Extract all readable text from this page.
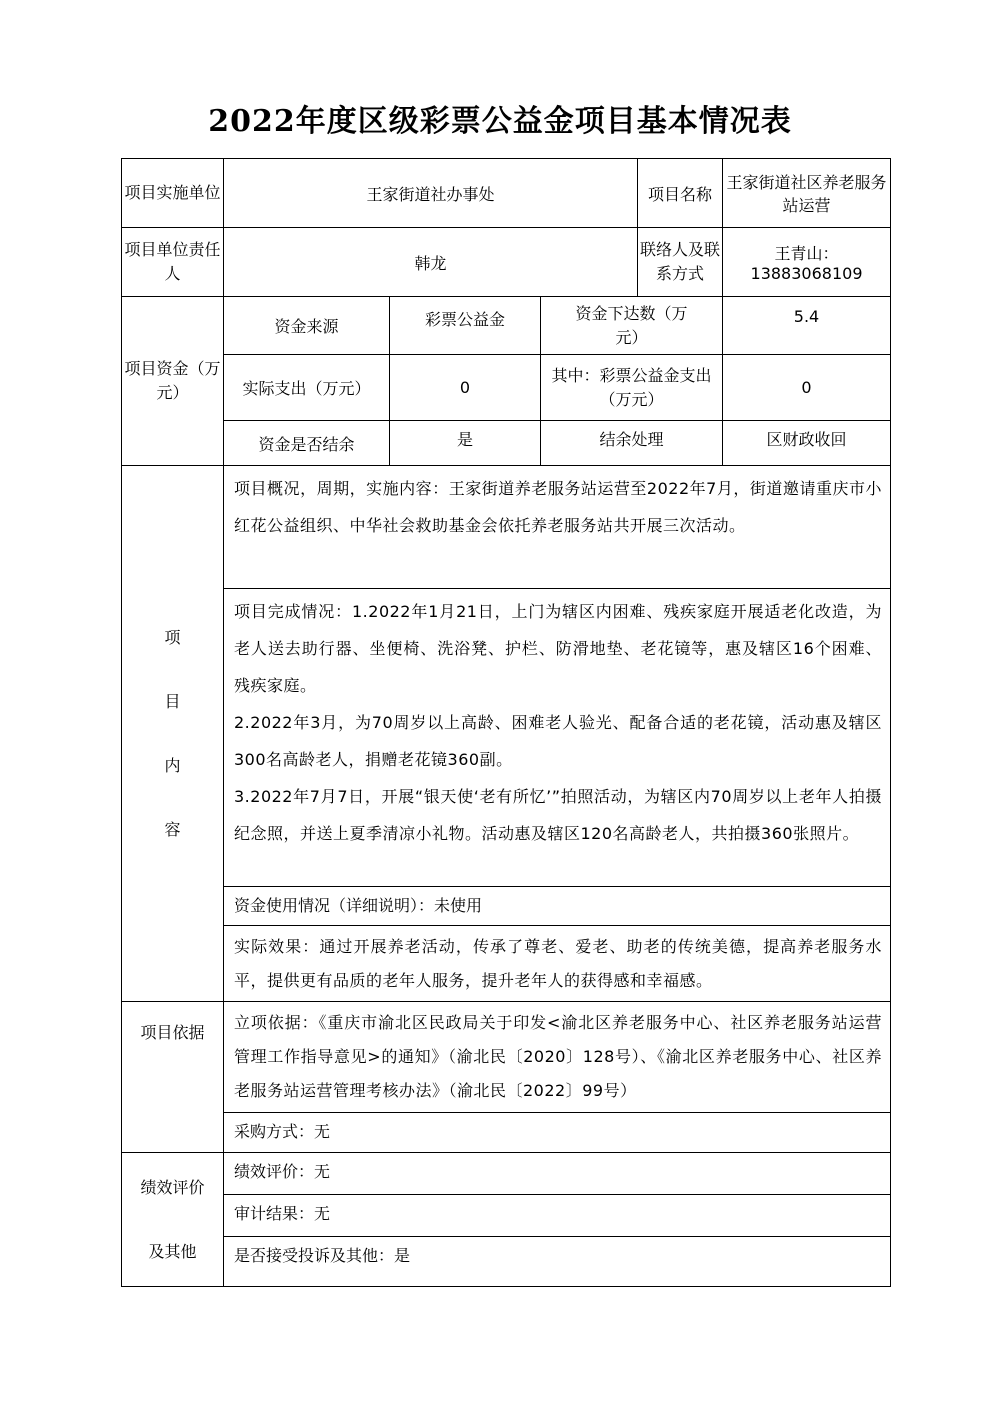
2022年度区级彩票公益金项目基本情况表
项目实施单位	王家街道社办事处			项目名称	王家街道社区养老服务站运营
项目单位责任人	韩龙			联络人及联系方式	王青山：13883068109
项目资金（万元）	资金来源	彩票公益金	资金下达数（万元）		5.4
	实际支出（万元）	0	其中：彩票公益金支出（万元）		0
	资金是否结余	是	结余处理		区财政收回

项
目
内
容	项目概况，周期，实施内容：王家街道养老服务站运营至2022年7月，街道邀请重庆市小红花公益组织、中华社会救助基金会依托养老服务站共开展三次活动。				

	项目完成情况：1.2022年1月21日，上门为辖区内困难、残疾家庭开展适老化改造，为老人送去助行器、坐便椅、洗浴凳、护栏、防滑地垫、老花镜等，惠及辖区16个困难、残疾家庭。

2.2022年3月，为70周岁以上高龄、困难老人验光、配备合适的老花镜，活动惠及辖区300名高龄老人，捐赠老花镜360副。

3.2022年7月7日，开展“银天使‘老有所忆’”拍照活动，为辖区内70周岁以上老年人拍摄纪念照，并送上夏季清凉小礼物。活动惠及辖区120名高龄老人，共拍摄360张照片。				

	资金使用情况（详细说明）：未使用				

	实际效果：通过开展养老活动，传承了尊老、爱老、助老的传统美德，提高养老服务水平，提供更有品质的老年人服务，提升老年人的获得感和幸福感。				

项目依据	立项依据：《重庆市渝北区民政局关于印发<渝北区养老服务中心、社区养老服务站运营管理工作指导意见>的通知》（渝北民〔2020〕128号）、《渝北区养老服务中心、社区养老服务站运营管理考核办法》（渝北民〔2022〕99号）				

	采购方式：无				
绩效评价
及其他	绩效评价：无				
	审计结果：无				
	是否接受投诉及其他：是				
